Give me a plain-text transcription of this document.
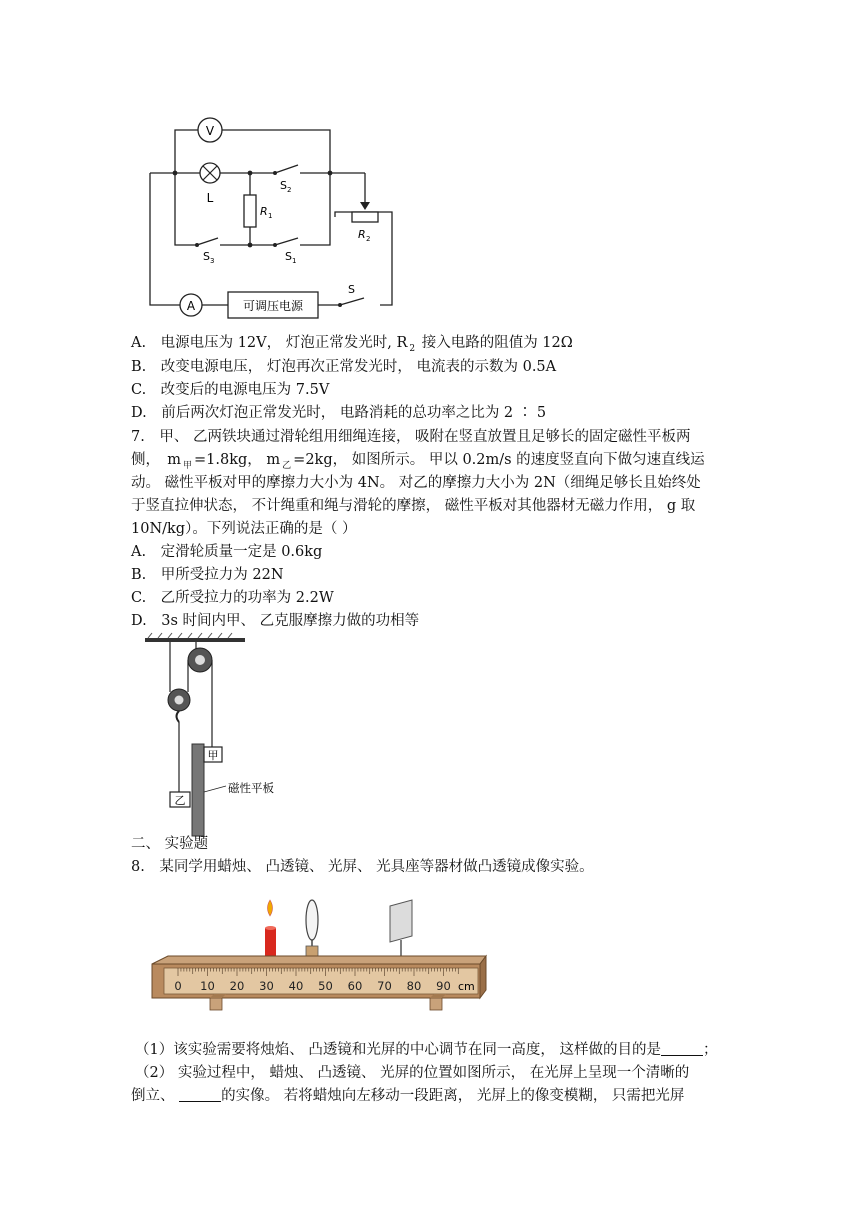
V
L
R 1
S 2
R 2
S 3	S 1
A	可调压电源
S
A.　电源电压为 12V， 灯泡正常发光时, R $_2$ 接入电路的阻值为 12Ω
B.　改变电源电压， 灯泡再次正常发光时， 电流表的示数为 0.5A
C.　改变后的电源电压为 7.5V
D.　前后两次灯泡正常发光时， 电路消耗的总功率之比为 2 ∶ 5
7.　甲、 乙两铁块通过滑轮组用细绳连接， 吸附在竖直放置且足够长的固定磁性平板两
侧，　m $_甲$ =1.8kg， m $_乙$ =2kg， 如图所示。 甲以 0.2m/s 的速度竖直向下做匀速直线运
动。 磁性平板对甲的摩擦力大小为 4N。 对乙的摩擦力大小为 2N（细绳足够长且始终处
于竖直拉伸状态， 不计绳重和绳与滑轮的摩擦， 磁性平板对其他器材无磁力作用， g 取
10N/kg）。下列说法正确的是（ ）
A.　定滑轮质量一定是 0.6kg
B.　甲所受拉力为 22N
C.　乙所受拉力的功率为 2.2W
D.　3s 时间内甲、 乙克服摩擦力做的功相等
甲
乙
磁性平板
二、 实验题
8.　某同学用蜡烛、 凸透镜、 光屏、 光具座等器材做凸透镜成像实验。
0 10 20 30 40 50 60 70 80 90 cm
（1）该实验需要将烛焰、 凸透镜和光屏的中心调节在同一高度， 这样做的目的是	；
（2） 实验过程中， 蜡烛、 凸透镜、 光屏的位置如图所示， 在光屏上呈现一个清晰的
倒立、	的实像。 若将蜡烛向左移动一段距离， 光屏上的像变模糊， 只需把光屏
